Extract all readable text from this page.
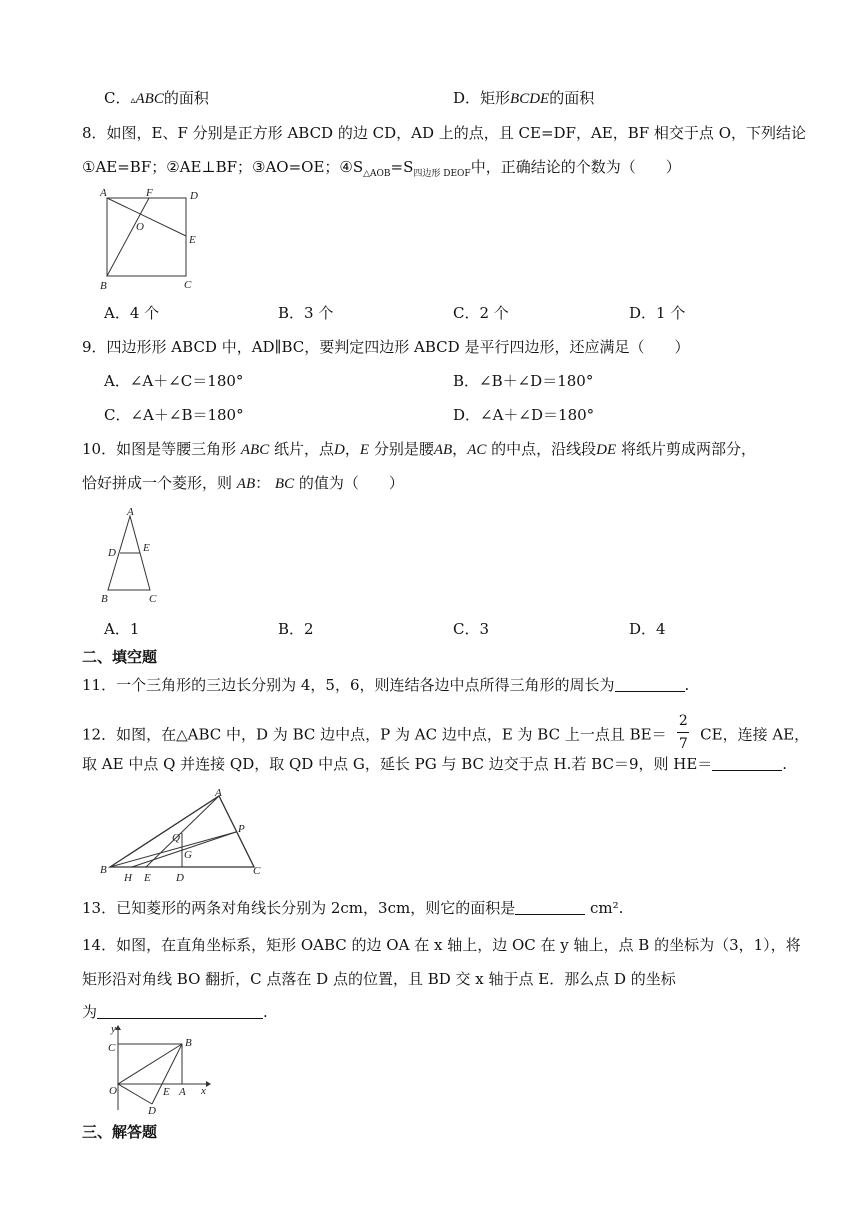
C．▵ABC的面积	D．矩形BCDE的面积
8．如图，E、F 分别是正方形 ABCD 的边 CD，AD 上的点，且 CE=DF，AE，BF 相交于点 O，下列结论
①AE=BF；②AE⊥BF；③AO=OE；$④S_{\triangle AOB}=S_{四边形 DEOF}$中，正确结论的个数为（　　）
A	F	D
O
E
B	C
A．4 个	B．3 个	C．2 个	D．1 个
9．四边形形 ABCD 中，AD∥BC，要判定四边形 ABCD 是平行四边形，还应满足（　　）
A．∠A＋∠C＝180°	B．∠B＋∠D＝180°
C．∠A＋∠B＝180°	D．∠A＋∠D＝180°
10．如图是等腰三角形 ABC 纸片，点D，E 分别是腰AB，AC 的中点，沿线段DE 将纸片剪成两部分，
恰好拼成一个菱形，则 AB： BC 的值为（　　）
A
D E
B	C
A．1	B．2	C．3	D．4
二、填空题
11．一个三角形的三边长分别为 4，5，6，则连结各边中点所得三角形的周长为	.
12．如图，在△ABC 中，D 为 BC 边中点，P 为 AC 边中点，E 为 BC 上一点且 $BE= \frac{2}{7}$ CE，连接 AE，
取 AE 中点 Q 并连接 QD，取 QD 中点 G，延长 PG 与 BC 边交于点 H.若 BC＝9，则 HE＝	.
A
P
Q
G
B
H E D
C
13．已知菱形的两条对角线长分别为 2cm，3cm，则它的面积是	cm².
14．如图，在直角坐标系，矩形 OABC 的边 OA 在 x 轴上，边 OC 在 y 轴上，点 B 的坐标为（3，1），将
矩形沿对角线 BO 翻折，C 点落在 D 点的位置，且 BD 交 x 轴于点 E．那么点 D 的坐标
为	.
y
C	B
O	E A x
D
三、解答题
